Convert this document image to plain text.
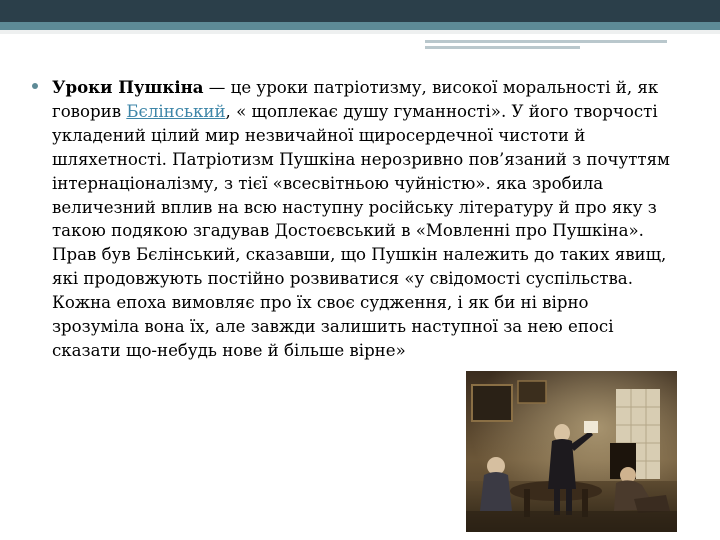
Уроки Пушкіна — це уроки патріотизму, високої моральності й, як говорив Бєлінський, « щоплекає душу гуманності». У його творчості укладений цілий мир незвичайної щиросердечної чистоти й шляхетності. Патріотизм Пушкіна нерозривно пов’язаний з почуттям інтернаціоналізму, з тієї «всесвітньою чуйністю». яка зробила величезний вплив на всю наступну російську літературу й про яку з такою подякою згадував Достоєвський в «Мовленні про Пушкіна». Прав був Бєлінський, сказавши, що Пушкін належить до таких явищ, які продовжують постійно розвиватися «у свідомості суспільства. Кожна епоха вимовляє про їх своє судження, і як би ні вірно зрозуміла вона їх, але завжди залишить наступної за нею епосі сказати що-небудь нове й більше вірне»
